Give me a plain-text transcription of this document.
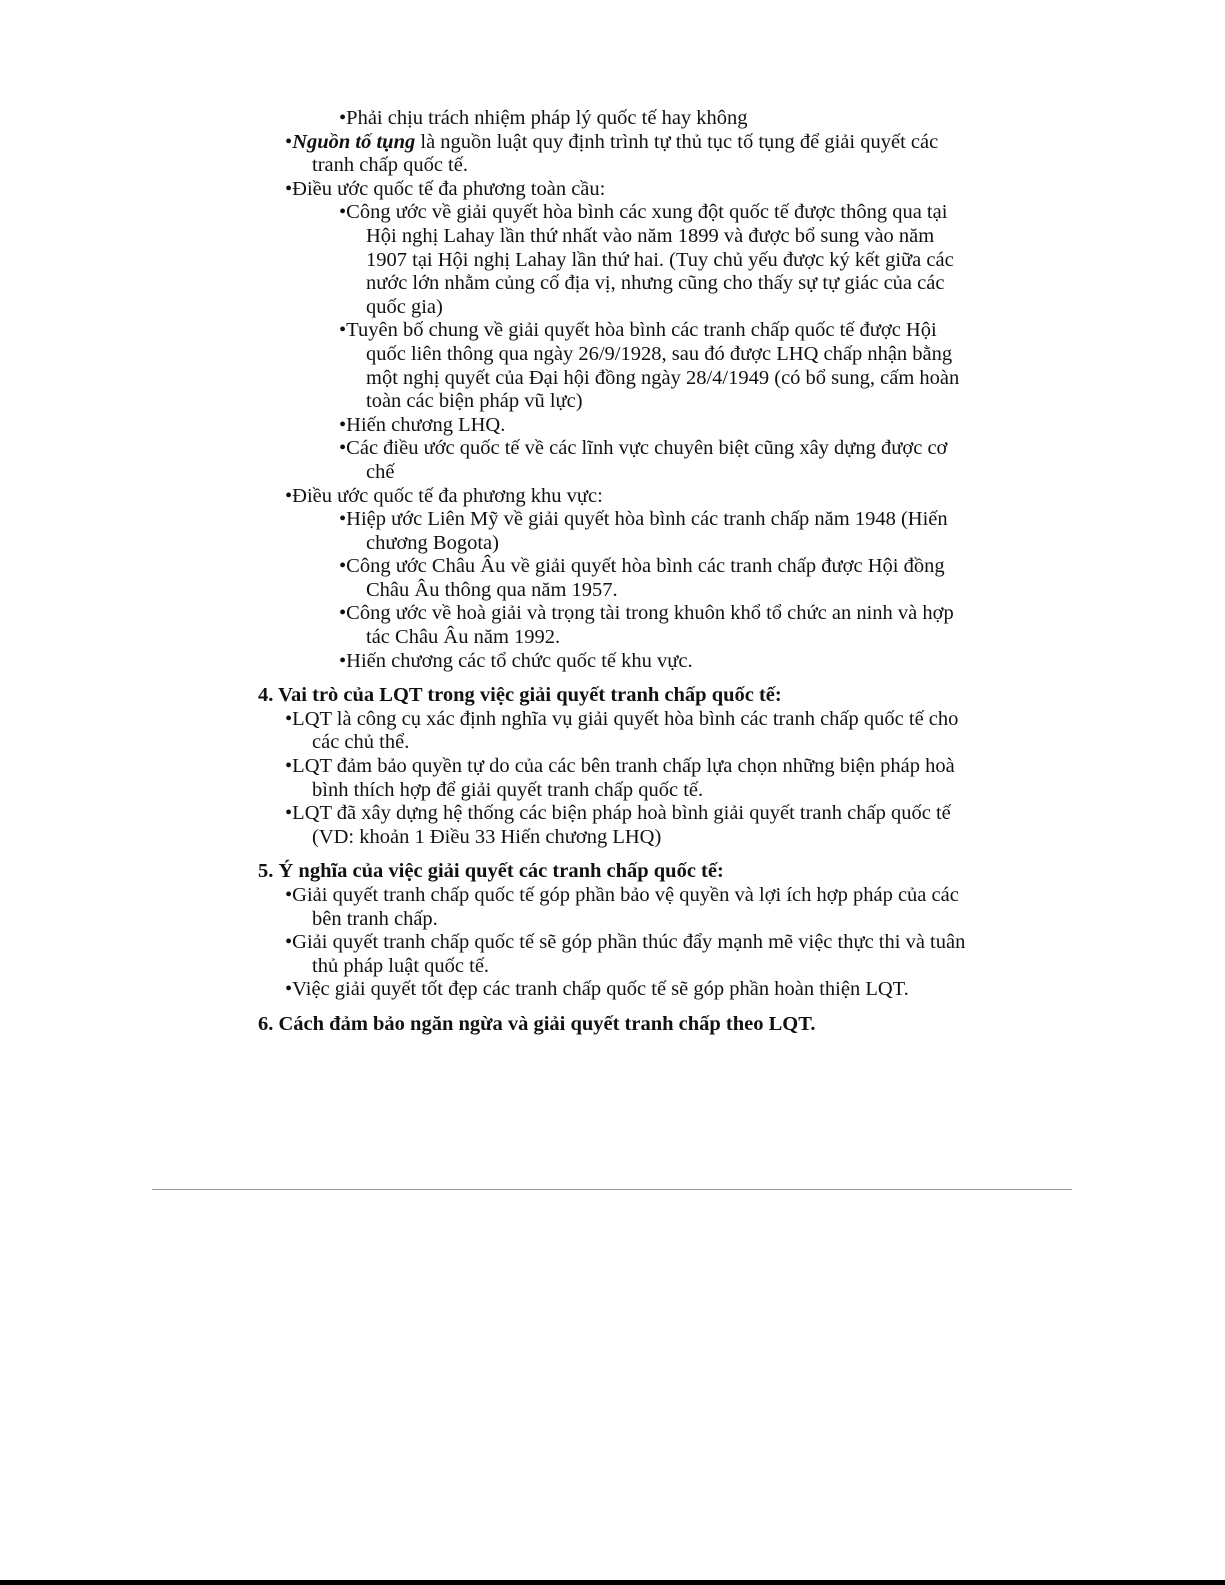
•Phải chịu trách nhiệm pháp lý quốc tế hay không

•Nguồn tố tụng là nguồn luật quy định trình tự thủ tục tố tụng để giải quyết các tranh chấp quốc tế.

•Điều ước quốc tế đa phương toàn cầu:

•Công ước về giải quyết hòa bình các xung đột quốc tế được thông qua tại Hội nghị Lahay lần thứ nhất vào năm 1899 và được bổ sung vào năm 1907 tại Hội nghị Lahay lần thứ hai. (Tuy chủ yếu được ký kết giữa các nước lớn nhằm củng cố địa vị, nhưng cũng cho thấy sự tự giác của các quốc gia)

•Tuyên bố chung về giải quyết hòa bình các tranh chấp quốc tế được Hội quốc liên thông qua ngày 26/9/1928, sau đó được LHQ chấp nhận bằng một nghị quyết của Đại hội đồng ngày 28/4/1949 (có bổ sung, cấm hoàn toàn các biện pháp vũ lực)

•Hiến chương LHQ.

•Các điều ước quốc tế về các lĩnh vực chuyên biệt cũng xây dựng được cơ chế

•Điều ước quốc tế đa phương khu vực:

•Hiệp ước Liên Mỹ về giải quyết hòa bình các tranh chấp năm 1948 (Hiến chương Bogota)

•Công ước Châu Âu về giải quyết hòa bình các tranh chấp được Hội đồng Châu Âu thông qua năm 1957.

•Công ước về hoà giải và trọng tài trong khuôn khổ tổ chức an ninh và hợp tác Châu Âu năm 1992.

•Hiến chương các tổ chức quốc tế khu vực.

4. Vai trò của LQT trong việc giải quyết tranh chấp quốc tế:

•LQT là công cụ xác định nghĩa vụ giải quyết hòa bình các tranh chấp quốc tế cho các chủ thể.

•LQT đảm bảo quyền tự do của các bên tranh chấp lựa chọn những biện pháp hoà bình thích hợp để giải quyết tranh chấp quốc tế.

•LQT đã xây dựng hệ thống các biện pháp hoà bình giải quyết tranh chấp quốc tế (VD: khoản 1 Điều 33 Hiến chương LHQ)

5. Ý nghĩa của việc giải quyết các tranh chấp quốc tế:

•Giải quyết tranh chấp quốc tế góp phần bảo vệ quyền và lợi ích hợp pháp của các bên tranh chấp.

•Giải quyết tranh chấp quốc tế sẽ góp phần thúc đẩy mạnh mẽ việc thực thi và tuân thủ pháp luật quốc tế.

•Việc giải quyết tốt đẹp các tranh chấp quốc tế sẽ góp phần hoàn thiện LQT.

6. Cách đảm bảo ngăn ngừa và giải quyết tranh chấp theo LQT.
